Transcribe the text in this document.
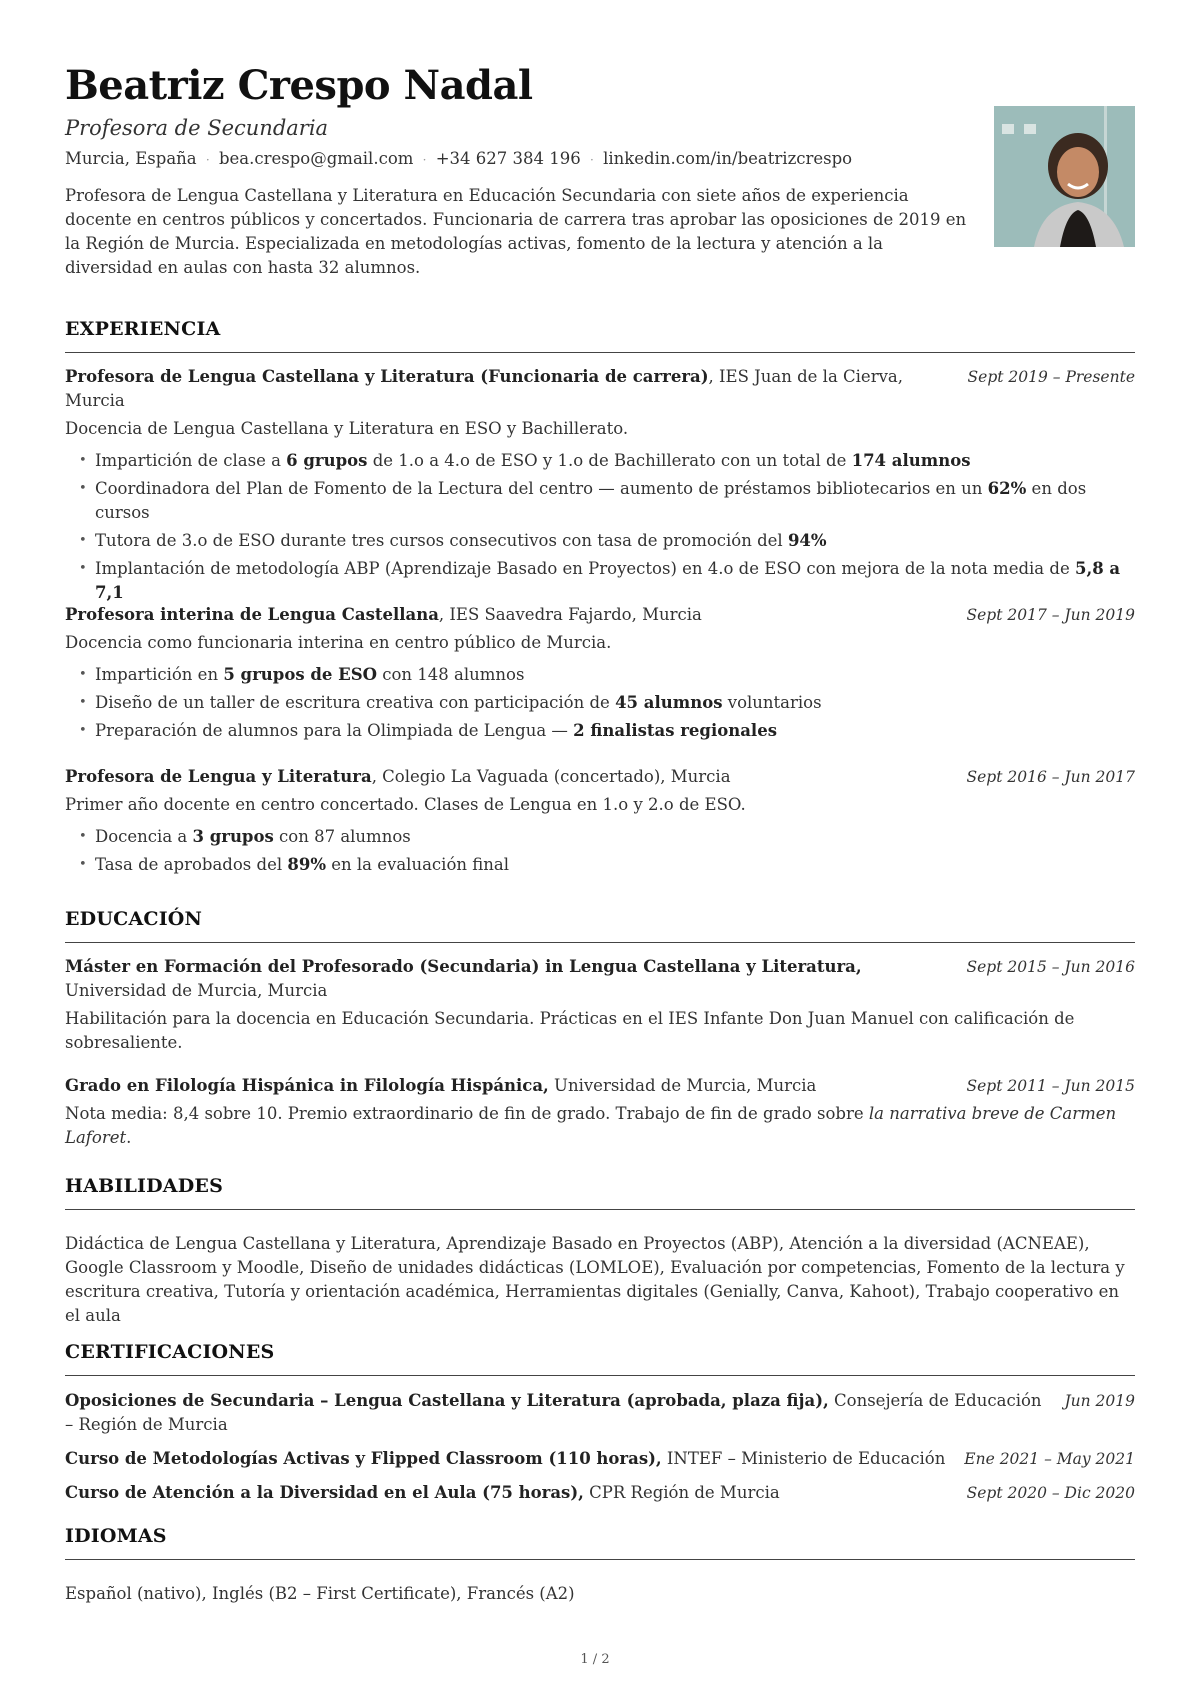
Beatriz Crespo Nadal
Profesora de Secundaria
Murcia, España · bea.crespo@gmail.com · +34 627 384 196 · linkedin.com/in/beatrizcrespo
Profesora de Lengua Castellana y Literatura en Educación Secundaria con siete años de experiencia docente en centros públicos y concertados. Funcionaria de carrera tras aprobar las oposiciones de 2019 en la Región de Murcia. Especializada en metodologías activas, fomento de la lectura y atención a la diversidad en aulas con hasta 32 alumnos.
EXPERIENCIA
Profesora de Lengua Castellana y Literatura (Funcionaria de carrera), IES Juan de la Cierva, Murcia
Sept 2019 – Presente
Docencia de Lengua Castellana y Literatura en ESO y Bachillerato.
• Impartición de clase a 6 grupos de 1.o a 4.o de ESO y 1.o de Bachillerato con un total de 174 alumnos
• Coordinadora del Plan de Fomento de la Lectura del centro — aumento de préstamos bibliotecarios en un 62% en dos cursos
• Tutora de 3.o de ESO durante tres cursos consecutivos con tasa de promoción del 94%
• Implantación de metodología ABP (Aprendizaje Basado en Proyectos) en 4.o de ESO con mejora de la nota media de 5,8 a 7,1
Profesora interina de Lengua Castellana, IES Saavedra Fajardo, Murcia	Sept 2017 – Jun 2019
Docencia como funcionaria interina en centro público de Murcia.
• Impartición en 5 grupos de ESO con 148 alumnos
• Diseño de un taller de escritura creativa con participación de 45 alumnos voluntarios
• Preparación de alumnos para la Olimpiada de Lengua — 2 finalistas regionales
Profesora de Lengua y Literatura, Colegio La Vaguada (concertado), Murcia	Sept 2016 – Jun 2017
Primer año docente en centro concertado. Clases de Lengua en 1.o y 2.o de ESO.
• Docencia a 3 grupos con 87 alumnos
• Tasa de aprobados del 89% en la evaluación final
EDUCACIÓN
Máster en Formación del Profesorado (Secundaria) in Lengua Castellana y Literatura, Universidad de Murcia, Murcia
Sept 2015 – Jun 2016
Habilitación para la docencia en Educación Secundaria. Prácticas en el IES Infante Don Juan Manuel con calificación de sobresaliente.
Grado en Filología Hispánica in Filología Hispánica, Universidad de Murcia, Murcia	Sept 2011 – Jun 2015
Nota media: 8,4 sobre 10. Premio extraordinario de fin de grado. Trabajo de fin de grado sobre la narrativa breve de Carmen Laforet.
HABILIDADES
Didáctica de Lengua Castellana y Literatura, Aprendizaje Basado en Proyectos (ABP), Atención a la diversidad (ACNEAE), Google Classroom y Moodle, Diseño de unidades didácticas (LOMLOE), Evaluación por competencias, Fomento de la lectura y escritura creativa, Tutoría y orientación académica, Herramientas digitales (Genially, Canva, Kahoot), Trabajo cooperativo en el aula
CERTIFICACIONES
Oposiciones de Secundaria – Lengua Castellana y Literatura (aprobada, plaza fija), Consejería de Educación – Región de Murcia
Jun 2019
Curso de Metodologías Activas y Flipped Classroom (110 horas), INTEF – Ministerio de Educación Ene 2021 – May 2021
Curso de Atención a la Diversidad en el Aula (75 horas), CPR Región de Murcia	Sept 2020 – Dic 2020
IDIOMAS
Español (nativo), Inglés (B2 – First Certificate), Francés (A2)
1 / 2
